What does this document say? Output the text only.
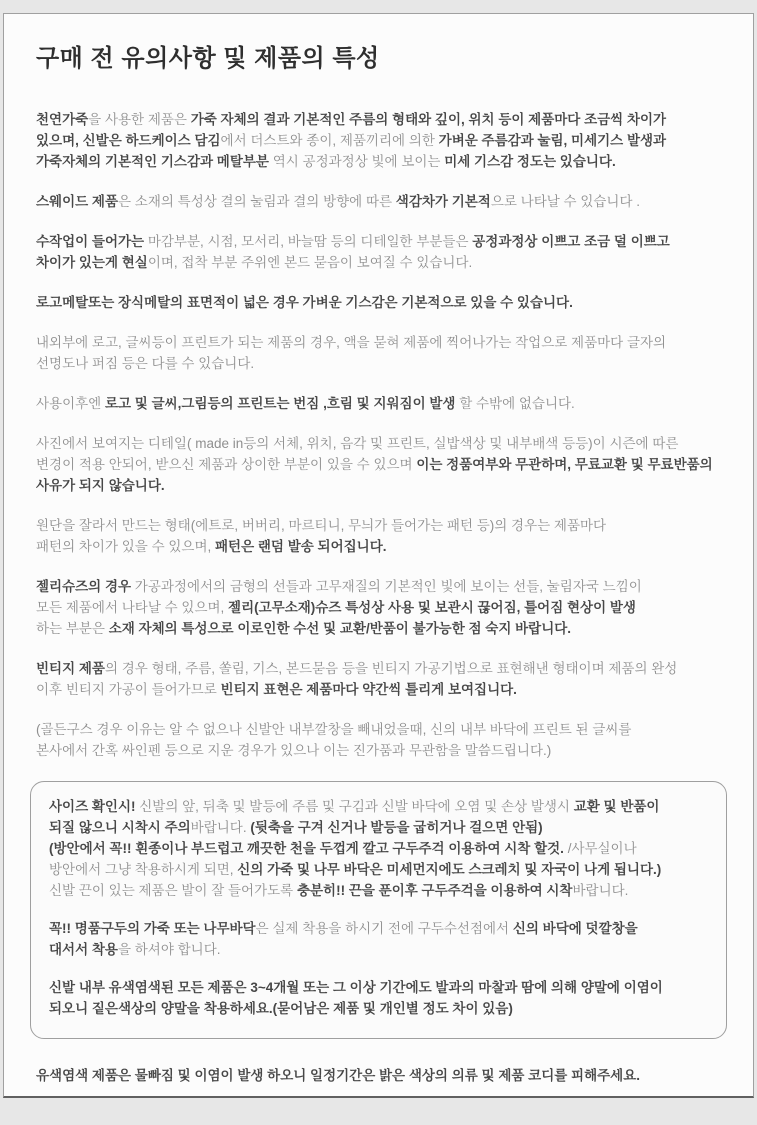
구매 전 유의사항 및 제품의 특성

천연가죽을 사용한 제품은 가죽 자체의 결과 기본적인 주름의 형태와 깊이, 위치 등이 제품마다 조금씩 차이가
있으며, 신발은 하드케이스 담김에서 더스트와 종이, 제품끼리에 의한 가벼운 주름감과 눌림, 미세기스 발생과
가죽자체의 기본적인 기스감과 메탈부분 역시 공정과정상 빛에 보이는 미세 기스감 정도는 있습니다.

스웨이드 제품은 소재의 특성상 결의 눌림과 결의 방향에 따른 색감차가 기본적으로 나타날 수 있습니다 .

수작업이 들어가는 마감부분, 시점, 모서리, 바늘땀 등의 디테일한 부분들은 공정과정상 이쁘고 조금 덜 이쁘고
차이가 있는게 현실이며, 접착 부분 주위엔 본드 묻음이 보여질 수 있습니다.

로고메탈또는 장식메탈의 표면적이 넓은 경우 가벼운 기스감은 기본적으로 있을 수 있습니다.

내외부에 로고, 글씨등이 프린트가 되는 제품의 경우, 액을 묻혀 제품에 찍어나가는 작업으로 제품마다 글자의
선명도나 퍼짐 등은 다를 수 있습니다.

사용이후엔 로고 및 글씨,그림등의 프린트는 번짐 ,흐림 및 지워짐이 발생 할 수밖에 없습니다.

사진에서 보여지는 디테일( made in등의 서체, 위치, 음각 및 프린트, 실밥색상 및 내부배색 등등)이 시즌에 따른
변경이 적용 안되어, 받으신 제품과 상이한 부분이 있을 수 있으며 이는 정품여부와 무관하며, 무료교환 및 무료반품의
사유가 되지 않습니다.

원단을 잘라서 만드는 형태(에트로, 버버리, 마르티니, 무늬가 들어가는 패턴 등)의 경우는 제품마다
패턴의 차이가 있을 수 있으며, 패턴은 랜덤 발송 되어집니다.

젤리슈즈의 경우 가공과정에서의 금형의 선들과 고무재질의 기본적인 빛에 보이는 선들, 눌림자국 느낌이
모든 제품에서 나타날 수 있으며, 젤리(고무소재)슈즈 특성상 사용 및 보관시 끊어짐, 틀어짐 현상이 발생
하는 부분은 소재 자체의 특성으로 이로인한 수선 및 교환/반품이 불가능한 점 숙지 바랍니다.

빈티지 제품의 경우 형태, 주름, 쏠림, 기스, 본드묻음 등을 빈티지 가공기법으로 표현해낸 형태이며 제품의 완성
이후 빈티지 가공이 들어가므로 빈티지 표현은 제품마다 약간씩 틀리게 보여집니다.

(골든구스 경우 이유는 알 수 없으나 신발안 내부깔창을 빼내었을때, 신의 내부 바닥에 프린트 된 글씨를
본사에서 간혹 싸인펜 등으로 지운 경우가 있으나 이는 진가품과 무관함을 말씀드립니다.)

사이즈 확인시! 신발의 앞, 뒤축 및 발등에 주름 및 구김과 신발 바닥에 오염 및 손상 발생시 교환 및 반품이
되질 않으니 시착시 주의바랍니다. (뒷축을 구겨 신거나 발등을 굽히거나 걸으면 안됨)
(방안에서 꼭!! 흰종이나 부드럽고 깨끗한 천을 두껍게 깔고 구두주걱 이용하여 시착 할것. /사무실이나
방안에서 그냥 착용하시게 되면, 신의 가죽 및 나무 바닥은 미세먼지에도 스크레치 및 자국이 나게 됩니다.)
신발 끈이 있는 제품은 발이 잘 들어가도록 충분히!! 끈을 푼이후 구두주걱을 이용하여 시착바랍니다.

꼭!! 명품구두의 가죽 또는 나무바닥은 실제 착용을 하시기 전에 구두수선점에서 신의 바닥에 덧깔창을
대서서 착용을 하셔야 합니다.

신발 내부 유색염색된 모든 제품은 3~4개월 또는 그 이상 기간에도 발과의 마찰과 땀에 의해 양말에 이염이
되오니 짙은색상의 양말을 착용하세요.(묻어남은 제품 및 개인별 정도 차이 있음)

유색염색 제품은 물빠짐 및 이염이 발생 하오니 일정기간은 밝은 색상의 의류 및 제품 코디를 피해주세요.
